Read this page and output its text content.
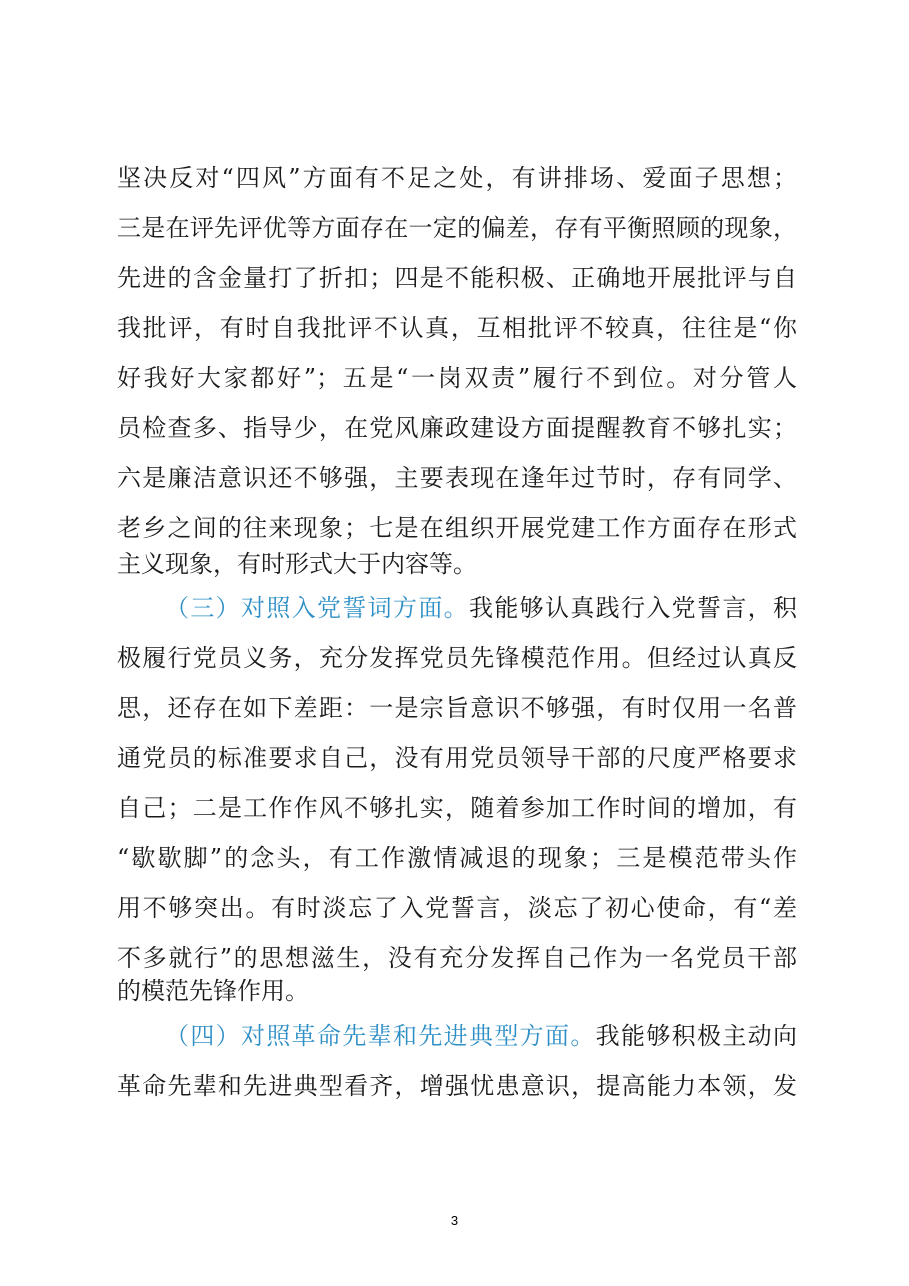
坚决反对“四风”方面有不足之处，有讲排场、爱面子思想；
三是在评先评优等方面存在一定的偏差，存有平衡照顾的现象，
先进的含金量打了折扣；四是不能积极、正确地开展批评与自
我批评，有时自我批评不认真，互相批评不较真，往往是“你
好我好大家都好”；五是“一岗双责”履行不到位。对分管人
员检查多、指导少，在党风廉政建设方面提醒教育不够扎实；
六是廉洁意识还不够强，主要表现在逢年过节时，存有同学、
老乡之间的往来现象；七是在组织开展党建工作方面存在形式
主义现象，有时形式大于内容等。
（三）对照入党誓词方面。我能够认真践行入党誓言，积
极履行党员义务，充分发挥党员先锋模范作用。但经过认真反
思，还存在如下差距：一是宗旨意识不够强，有时仅用一名普
通党员的标准要求自己，没有用党员领导干部的尺度严格要求
自己；二是工作作风不够扎实，随着参加工作时间的增加，有
“歇歇脚”的念头，有工作激情减退的现象；三是模范带头作
用不够突出。有时淡忘了入党誓言，淡忘了初心使命，有“差
不多就行”的思想滋生，没有充分发挥自己作为一名党员干部
的模范先锋作用。
（四）对照革命先辈和先进典型方面。我能够积极主动向
革命先辈和先进典型看齐，增强忧患意识，提高能力本领，发
3
